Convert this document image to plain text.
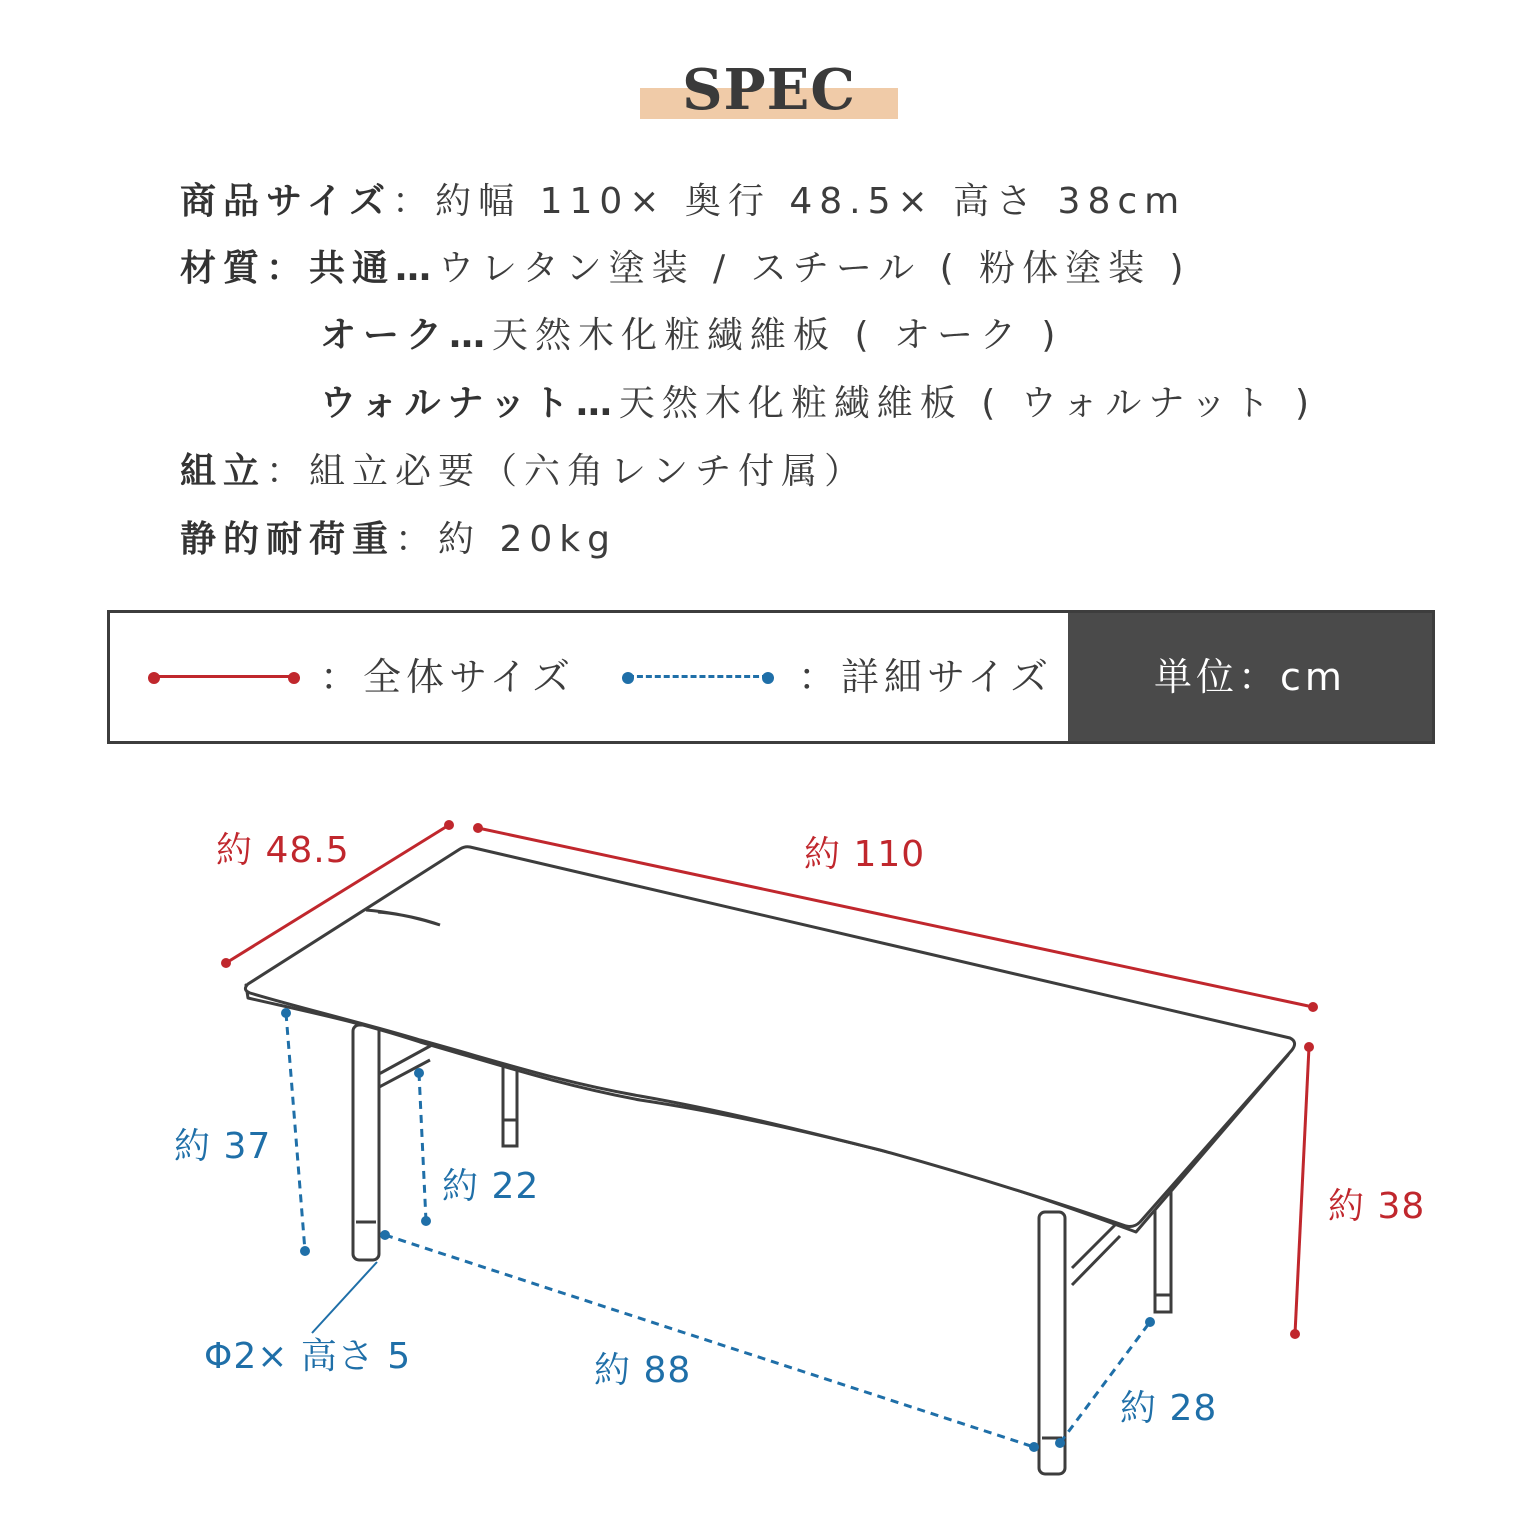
SPEC
商品サイズ：約幅 110× 奥行 48.5× 高さ 38cm
材質：共通…ウレタン塗装 / スチール ( 粉体塗装 )
オーク…天然木化粧繊維板 ( オーク )
ウォルナット…天然木化粧繊維板 ( ウォルナット )
組立：組立必要（六角レンチ付属）
静的耐荷重：約 20kg
：全体サイズ	：詳細サイズ	単位：cm
約 48.5	約 110
約 38
約 37
約 22
Φ2× 高さ 5	約 88
約 28
